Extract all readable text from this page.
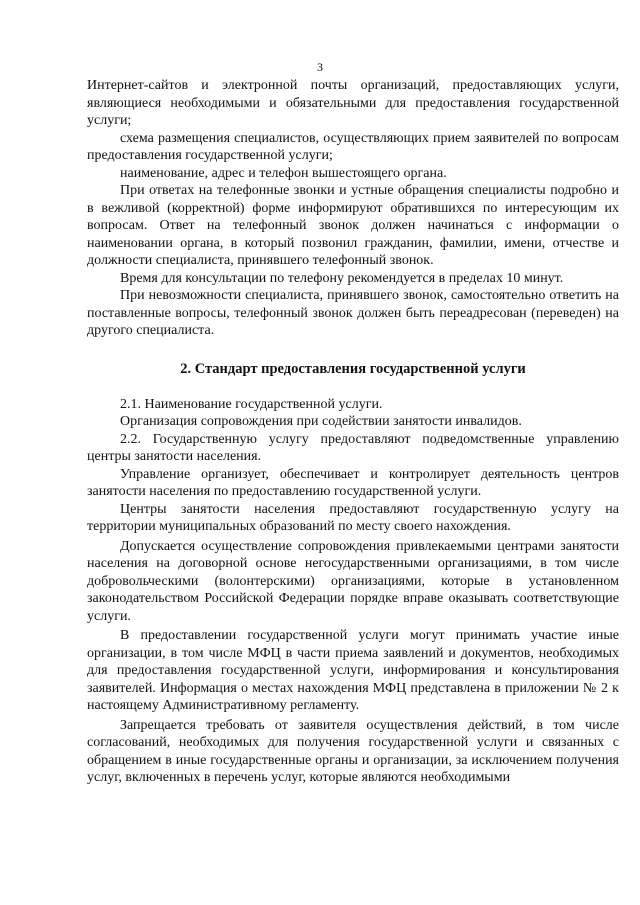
3

Интернет-сайтов и электронной почты организаций, предоставляющих услуги, являющиеся необходимыми и обязательными для предоставления государственной услуги;

схема размещения специалистов, осуществляющих прием заявителей по вопросам предоставления государственной услуги;

наименование, адрес и телефон вышестоящего органа.

При ответах на телефонные звонки и устные обращения специалисты подробно и в вежливой (корректной) форме информируют обратившихся по интересующим их вопросам. Ответ на телефонный звонок должен начинаться с информации о наименовании органа, в который позвонил гражданин, фамилии, имени, отчестве и должности специалиста, принявшего телефонный звонок.

Время для консультации по телефону рекомендуется в пределах 10 минут.

При невозможности специалиста, принявшего звонок, самостоятельно ответить на поставленные вопросы, телефонный звонок должен быть переадресован (переведен) на другого специалиста.

2. Стандарт предоставления государственной услуги

2.1. Наименование государственной услуги.

Организация сопровождения при содействии занятости инвалидов.

2.2. Государственную услугу предоставляют подведомственные управлению центры занятости населения.

Управление организует, обеспечивает и контролирует деятельность центров занятости населения по предоставлению государственной услуги.

Центры занятости населения предоставляют государственную услугу на территории муниципальных образований по месту своего нахождения.

Допускается осуществление сопровождения привлекаемыми центрами занятости населения на договорной основе негосударственными организациями, в том числе добровольческими (волонтерскими) организациями, которые в установленном законодательством Российской Федерации порядке вправе оказывать соответствующие услуги.

В предоставлении государственной услуги могут принимать участие иные организации, в том числе МФЦ в части приема заявлений и документов, необходимых для предоставления государственной услуги, информирования и консультирования заявителей. Информация о местах нахождения МФЦ представлена в приложении № 2 к настоящему Административному регламенту.

Запрещается требовать от заявителя осуществления действий, в том числе согласований, необходимых для получения государственной услуги и связанных с обращением в иные государственные органы и организации, за исключением получения услуг, включенных в перечень услуг, которые являются необходимыми
